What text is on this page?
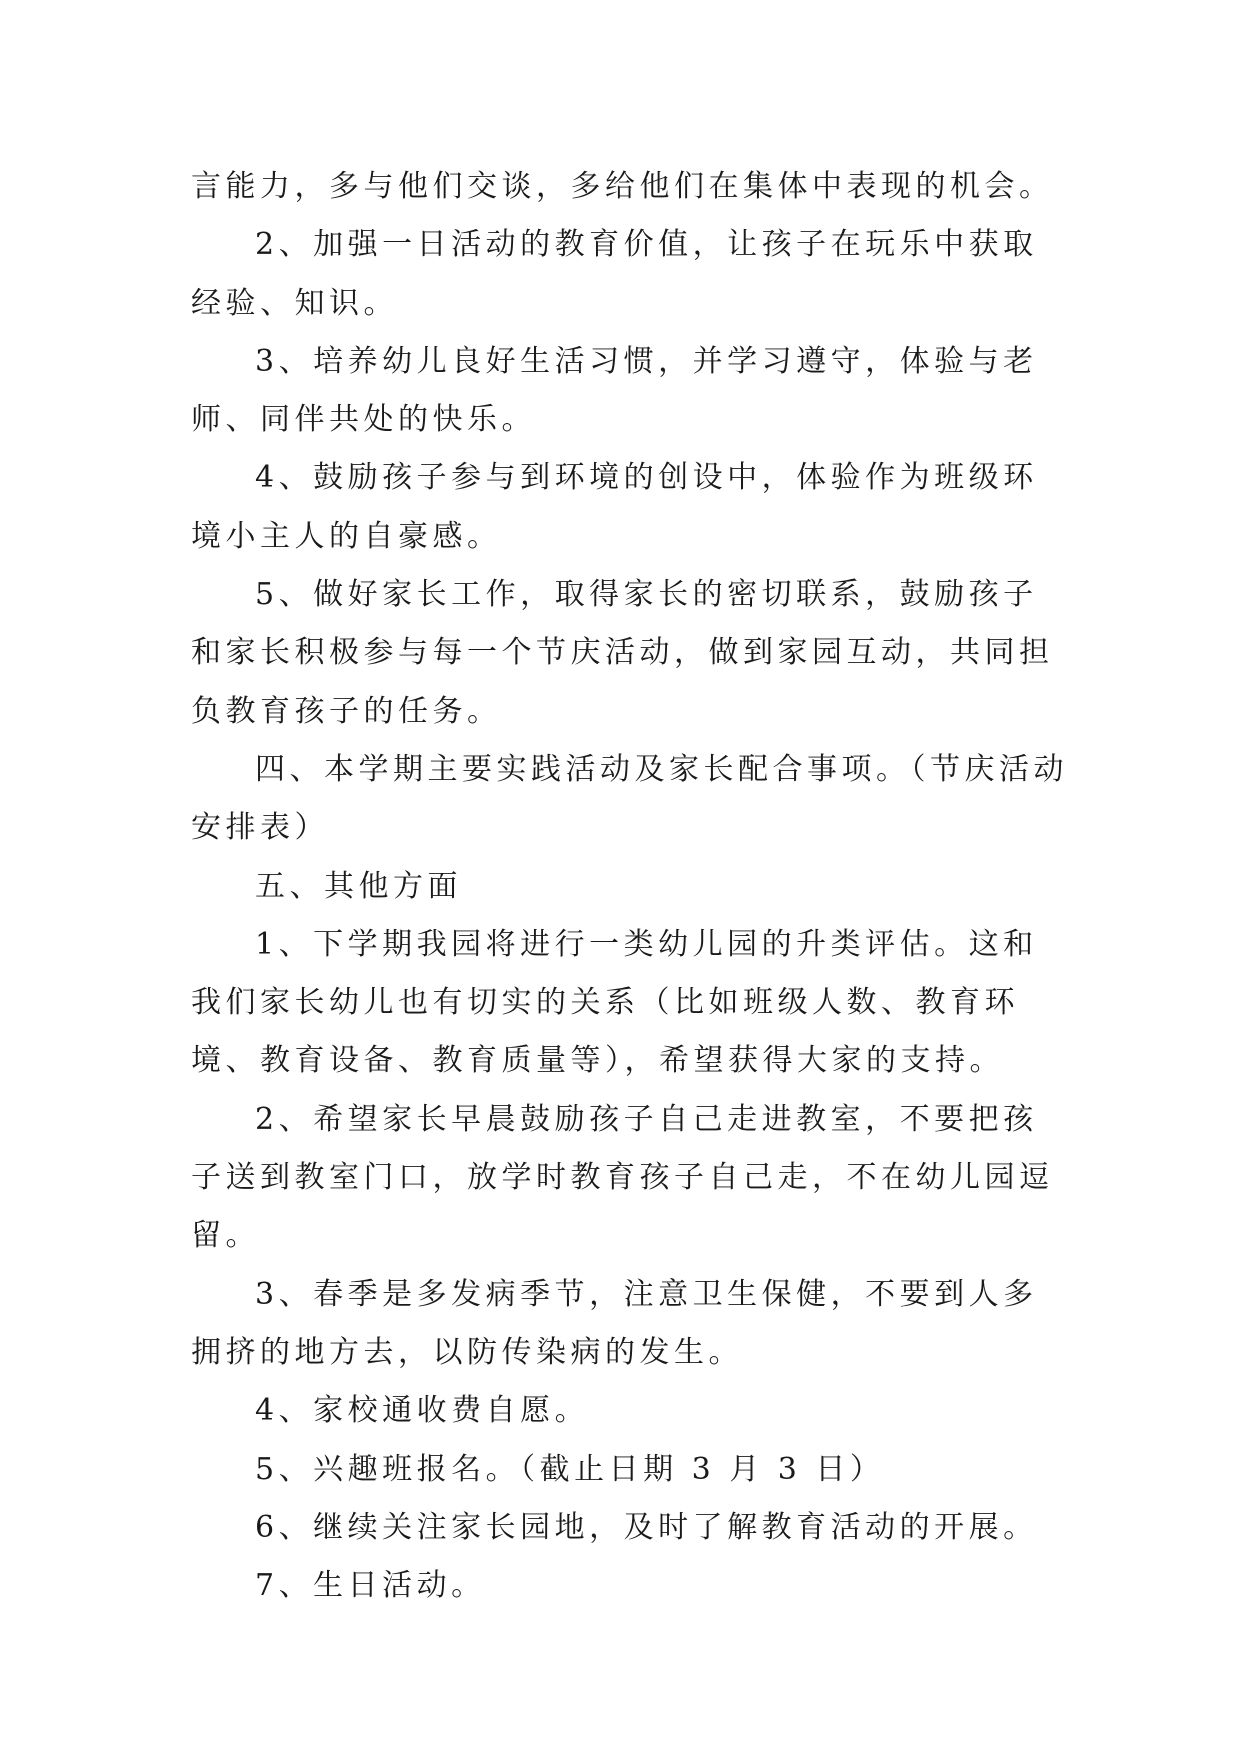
言能力，多与他们交谈，多给他们在集体中表现的机会。

2、加强一日活动的教育价值，让孩子在玩乐中获取经验、知识。

3、培养幼儿良好生活习惯，并学习遵守，体验与老师、同伴共处的快乐。

4、鼓励孩子参与到环境的创设中，体验作为班级环境小主人的自豪感。

5、做好家长工作，取得家长的密切联系，鼓励孩子和家长积极参与每一个节庆活动，做到家园互动，共同担负教育孩子的任务。

四、本学期主要实践活动及家长配合事项。（节庆活动安排表）

五、其他方面

1、下学期我园将进行一类幼儿园的升类评估。这和我们家长幼儿也有切实的关系（比如班级人数、教育环境、教育设备、教育质量等），希望获得大家的支持。

2、希望家长早晨鼓励孩子自己走进教室，不要把孩子送到教室门口，放学时教育孩子自己走，不在幼儿园逗留。

3、春季是多发病季节，注意卫生保健，不要到人多拥挤的地方去，以防传染病的发生。

4、家校通收费自愿。

5、兴趣班报名。（截止日期 3 月 3 日）

6、继续关注家长园地，及时了解教育活动的开展。

7、生日活动。
